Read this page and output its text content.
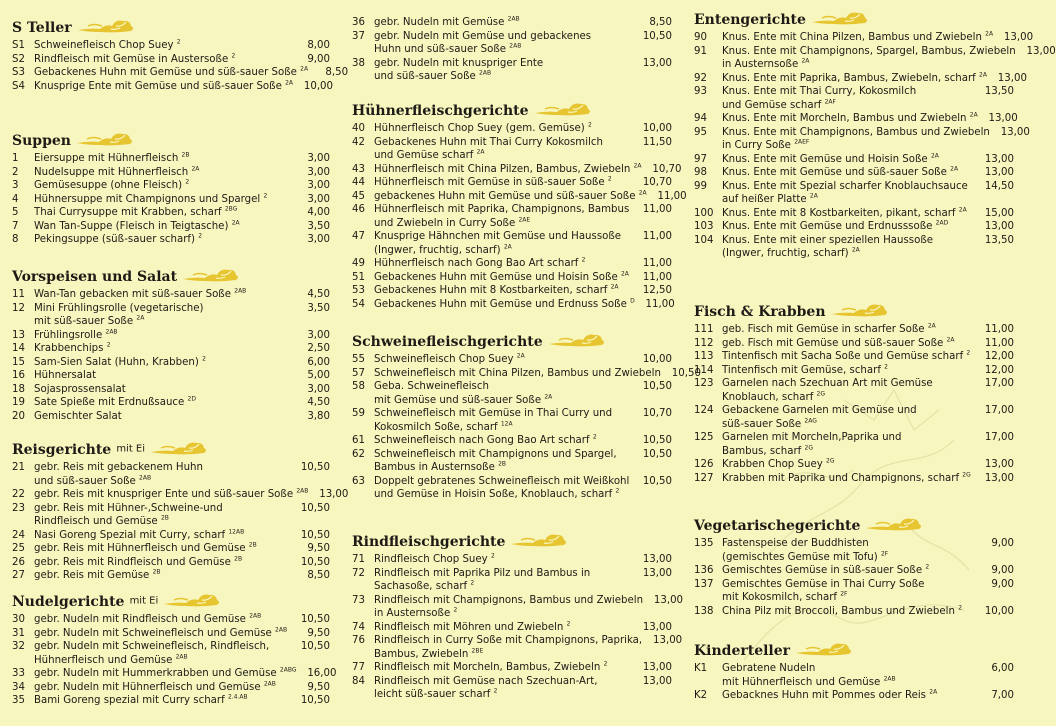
S Teller
S1 Schweinefleisch Chop Suey $^2$	8,00
S2 Rindfleisch mit Gemüse in Austersoße $^2$	9,00
S3 Gebackenes Huhn mit Gemüse und süß-sauer Soße $^{2A}$	8,50
S4 Knusprige Ente mit Gemüse und süß-sauer Soße $^{2A}$	10,00
Suppen
1	Eiersuppe mit Hühnerfleisch $^{2B}$	3,00
2	Nudelsuppe mit Hühnerfleisch $^{2A}$	3,00
3	Gemüsesuppe (ohne Fleisch) $^2$	3,00
4	Hühnersuppe mit Champignons und Spargel $^2$	3,00
5	Thai Currysuppe mit Krabben, scharf $^{2BG}$	4,00
7	Wan Tan-Suppe (Fleisch in Teigtasche) $^{2A}$	3,50
8	Pekingsuppe (süß-sauer scharf) $^2$	3,00
Vorspeisen und Salat
11 Wan-Tan gebacken mit süß-sauer Soße $^{2AB}$	4,50
12 Mini Frühlingsrolle (vegetarische)
mit süß-sauer Soße $^{2A}$
3,50
13 Frühlingsrolle $^{2AB}$	3,00
14 Krabbenchips $^2$	2,50
15 Sam-Sien Salat (Huhn, Krabben) $^2$	6,00
16 Hühnersalat	5,00
18 Sojasprossensalat	3,00
19 Sate Spieße mit Erdnußsauce $^{2D}$	4,50
20 Gemischter Salat	3,80
Reisgerichte mit Ei
21 gebr. Reis mit gebackenem Huhn
und süß-sauer Soße $^{2AB}$
10,50
22 gebr. Reis mit knuspriger Ente und süß-sauer Soße $^{2AB}$	13,00
23 gebr. Reis mit Hühner-,Schweine-und
Rindfleisch und Gemüse $^{2B}$
10,50
24 Nasi Goreng Spezial mit Curry, scharf $^{12AB}$	10,50
25 gebr. Reis mit Hühnerfleisch und Gemüse $^{2B}$	9,50
26 gebr. Reis mit Rindfleisch und Gemüse $^{2B}$	10,50
27 gebr. Reis mit Gemüse $^{2B}$	8,50
Nudelgerichte mit Ei
30 gebr. Nudeln mit Rindfleisch und Gemüse $^{2AB}$	10,50
31 gebr. Nudeln mit Schweinefleisch und Gemüse $^{2AB}$	9,50
32 gebr. Nudeln mit Schweinefleisch, Rindfleisch,
Hühnerfleisch und Gemüse $^{2AB}$
10,50
33 gebr. Nudeln mit Hummerkrabben und Gemüse $^{2ABG}$	16,00
34 gebr. Nudeln mit Hühnerfleisch und Gemüse $^{2AB}$	9,50
35 Bami Goreng spezial mit Curry scharf $^{2.4.AB}$	10,50
36 gebr. Nudeln mit Gemüse $^{2AB}$	8,50
37 gebr. Nudeln mit Gemüse und gebackenes
Huhn und süß-sauer Soße $^{2AB}$
10,50
38 gebr. Nudeln mit knuspriger Ente
und süß-sauer Soße $^{2AB}$
13,00
Hühnerfleischgerichte
40 Hühnerfleisch Chop Suey (gem. Gemüse) $^2$	10,00
42 Gebackenes Huhn mit Thai Curry Kokosmilch
und Gemüse scharf $^{2A}$
11,50
43 Hühnerfleisch mit China Pilzen, Bambus, Zwiebeln $^{2A}$	10,70
44 Hühnerfleisch mit Gemüse in süß-sauer Soße $^2$	10,70
45 gebackenes Huhn mit Gemüse und süß-sauer Soße $^{2A}$	11,00
46 Hühnerfleisch mit Paprika, Champignons, Bambus
und Zwiebeln in Curry Soße $^{2AE}$
11,00
47 Knusprige Hähnchen mit Gemüse und Haussoße
(Ingwer, fruchtig, scharf) $^{2A}$
11,00
49 Hühnerfleisch nach Gong Bao Art scharf $^2$	11,00
51 Gebackenes Huhn mit Gemüse und Hoisin Soße $^{2A}$	11,00
53 Gebackenes Huhn mit 8 Kostbarkeiten, scharf $^{2A}$	12,50
54 Gebackenes Huhn mit Gemüse und Erdnuss Soße $^D$	11,00
Schweinefleischgerichte
55 Schweinefleisch Chop Suey $^{2A}$	10,00
57 Schweinefleisch mit China Pilzen, Bambus und Zwiebeln	10,50
58 Geba. Schweinefleisch
mit Gemüse und süß-sauer Soße $^{2A}$
10,50
59 Schweinefleisch mit Gemüse in Thai Curry und
Kokosmilch Soße, scharf $^{12A}$
10,70
61 Schweinefleisch nach Gong Bao Art scharf $^2$	10,50
62 Schweinefleisch mit Champignons und Spargel,
Bambus in Austernsoße $^{2B}$
10,50
63 Doppelt gebratenes Schweinefleisch mit Weißkohl
und Gemüse in Hoisin Soße, Knoblauch, scharf $^2$
10,50
Rindfleischgerichte
71 Rindfleisch Chop Suey $^2$	13,00
72 Rindfleisch mit Paprika Pilz und Bambus in
Sachasoße, scharf $^2$
13,00
73 Rindfleisch mit Champignons, Bambus und Zwiebeln
in Austernsoße $^2$
13,00
74 Rindfleisch mit Möhren und Zwiebeln $^2$	13,00
76 Rindfleisch in Curry Soße mit Champignons, Paprika,
Bambus, Zwiebeln $^{2BE}$
13,00
77 Rindfleisch mit Morcheln, Bambus, Zwiebeln $^2$	13,00
84 Rindfleisch mit Gemüse nach Szechuan-Art,
leicht süß-sauer scharf $^2$
13,00
Entengerichte
90	Knus. Ente mit China Pilzen, Bambus und Zwiebeln $^{2A}$	13,00
91	Knus. Ente mit Champignons, Spargel, Bambus, Zwiebeln
in Austernsoße $^{2A}$
13,00
92	Knus. Ente mit Paprika, Bambus, Zwiebeln, scharf $^{2A}$	13,00
93	Knus. Ente mit Thai Curry, Kokosmilch
und Gemüse scharf $^{2AF}$
13,50
94	Knus. Ente mit Morcheln, Bambus und Zwiebeln $^{2A}$	13,00
95	Knus. Ente mit Champignons, Bambus und Zwiebeln
in Curry Soße $^{2AEF}$
13,00
97	Knus. Ente mit Gemüse und Hoisin Soße $^{2A}$	13,00
98	Knus. Ente mit Gemüse und süß-sauer Soße $^{2A}$	13,00
99	Knus. Ente mit Spezial scharfer Knoblauchsauce
auf heißer Platte $^{2A}$
14,50
100 Knus. Ente mit 8 Kostbarkeiten, pikant, scharf $^{2A}$	15,00
103 Knus. Ente mit Gemüse und Erdnusssoße $^{2AD}$	13,00
104 Knus. Ente mit einer speziellen Haussoße
(Ingwer, fruchtig, scharf) $^{2A}$
13,50
Fisch & Krabben
111 geb. Fisch mit Gemüse in scharfer Soße $^{2A}$	11,00
112 geb. Fisch mit Gemüse und süß-sauer Soße $^{2A}$	11,00
113 Tintenfisch mit Sacha Soße und Gemüse scharf $^2$	12,00
114 Tintenfisch mit Gemüse, scharf $^2$	12,00
123 Garnelen nach Szechuan Art mit Gemüse
Knoblauch, scharf $^{2G}$
17,00
124 Gebackene Garnelen mit Gemüse und
süß-sauer Soße $^{2AG}$
17,00
125 Garnelen mit Morcheln,Paprika und
Bambus, scharf $^{2G}$
17,00
126 Krabben Chop Suey $^{2G}$	13,00
127 Krabben mit Paprika und Champignons, scharf $^{2G}$	13,00
Vegetarischegerichte
135 Fastenspeise der Buddhisten
(gemischtes Gemüse mit Tofu) $^{2F}$
9,00
136 Gemischtes Gemüse in süß-sauer Soße $^2$	9,00
137 Gemischtes Gemüse in Thai Curry Soße
mit Kokosmilch, scharf $^{2F}$
9,00
138 China Pilz mit Broccoli, Bambus und Zwiebeln $^2$	10,00
Kinderteller
K1	Gebratene Nudeln
mit Hühnerfleisch und Gemüse $^{2AB}$
6,00
K2	Gebacknes Huhn mit Pommes oder Reis $^{2A}$	7,00
